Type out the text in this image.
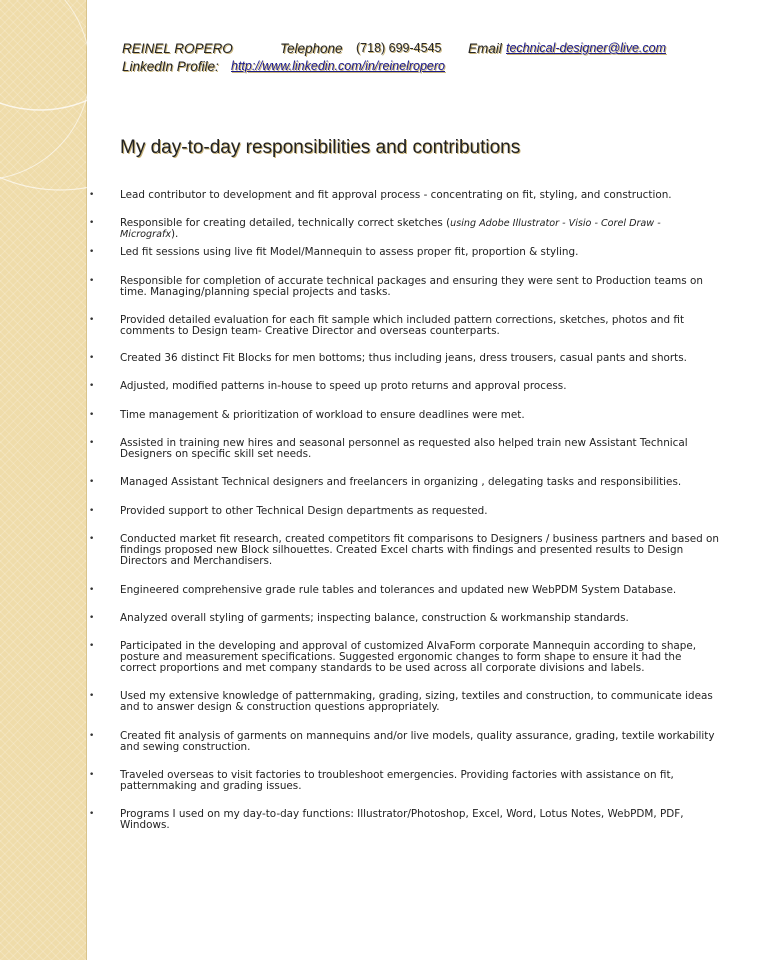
REINEL ROPERO	Telephone (718) 699-4545 Email technical-designer@live.com
LinkedIn Profile: http://www.linkedin.com/in/reinelropero
My day-to-day responsibilities and contributions
• Lead contributor to development and fit approval process - concentrating on fit, styling, and construction.
• Responsible for creating detailed, technically correct sketches (using Adobe Illustrator - Visio - Corel Draw - Micrografx).
• Led fit sessions using live fit Model/Mannequin to assess proper fit, proportion & styling.
• Responsible for completion of accurate technical packages and ensuring they were sent to Production teams on time. Managing/planning special projects and tasks.
• Provided detailed evaluation for each fit sample which included pattern corrections, sketches, photos and fit comments to Design team- Creative Director and overseas counterparts.
• Created 36 distinct Fit Blocks for men bottoms; thus including jeans, dress trousers, casual pants and shorts.
• Adjusted, modified patterns in-house to speed up proto returns and approval process.
• Time management & prioritization of workload to ensure deadlines were met.
• Assisted in training new hires and seasonal personnel as requested also helped train new Assistant Technical Designers on specific skill set needs.
• Managed Assistant Technical designers and freelancers in organizing , delegating tasks and responsibilities.
• Provided support to other Technical Design departments as requested.
• Conducted market fit research, created competitors fit comparisons to Designers / business partners and based on findings proposed new Block silhouettes. Created Excel charts with findings and presented results to Design Directors and Merchandisers.
• Engineered comprehensive grade rule tables and tolerances and updated new WebPDM System Database.
• Analyzed overall styling of garments; inspecting balance, construction & workmanship standards.
• Participated in the developing and approval of customized AlvaForm corporate Mannequin according to shape, posture and measurement specifications. Suggested ergonomic changes to form shape to ensure it had the correct proportions and met company standards to be used across all corporate divisions and labels.
• Used my extensive knowledge of patternmaking, grading, sizing, textiles and construction, to communicate ideas and to answer design & construction questions appropriately.
• Created fit analysis of garments on mannequins and/or live models, quality assurance, grading, textile workability and sewing construction.
• Traveled overseas to visit factories to troubleshoot emergencies. Providing factories with assistance on fit, patternmaking and grading issues.
• Programs I used on my day-to-day functions: Illustrator/Photoshop, Excel, Word, Lotus Notes, WebPDM, PDF, Windows.
